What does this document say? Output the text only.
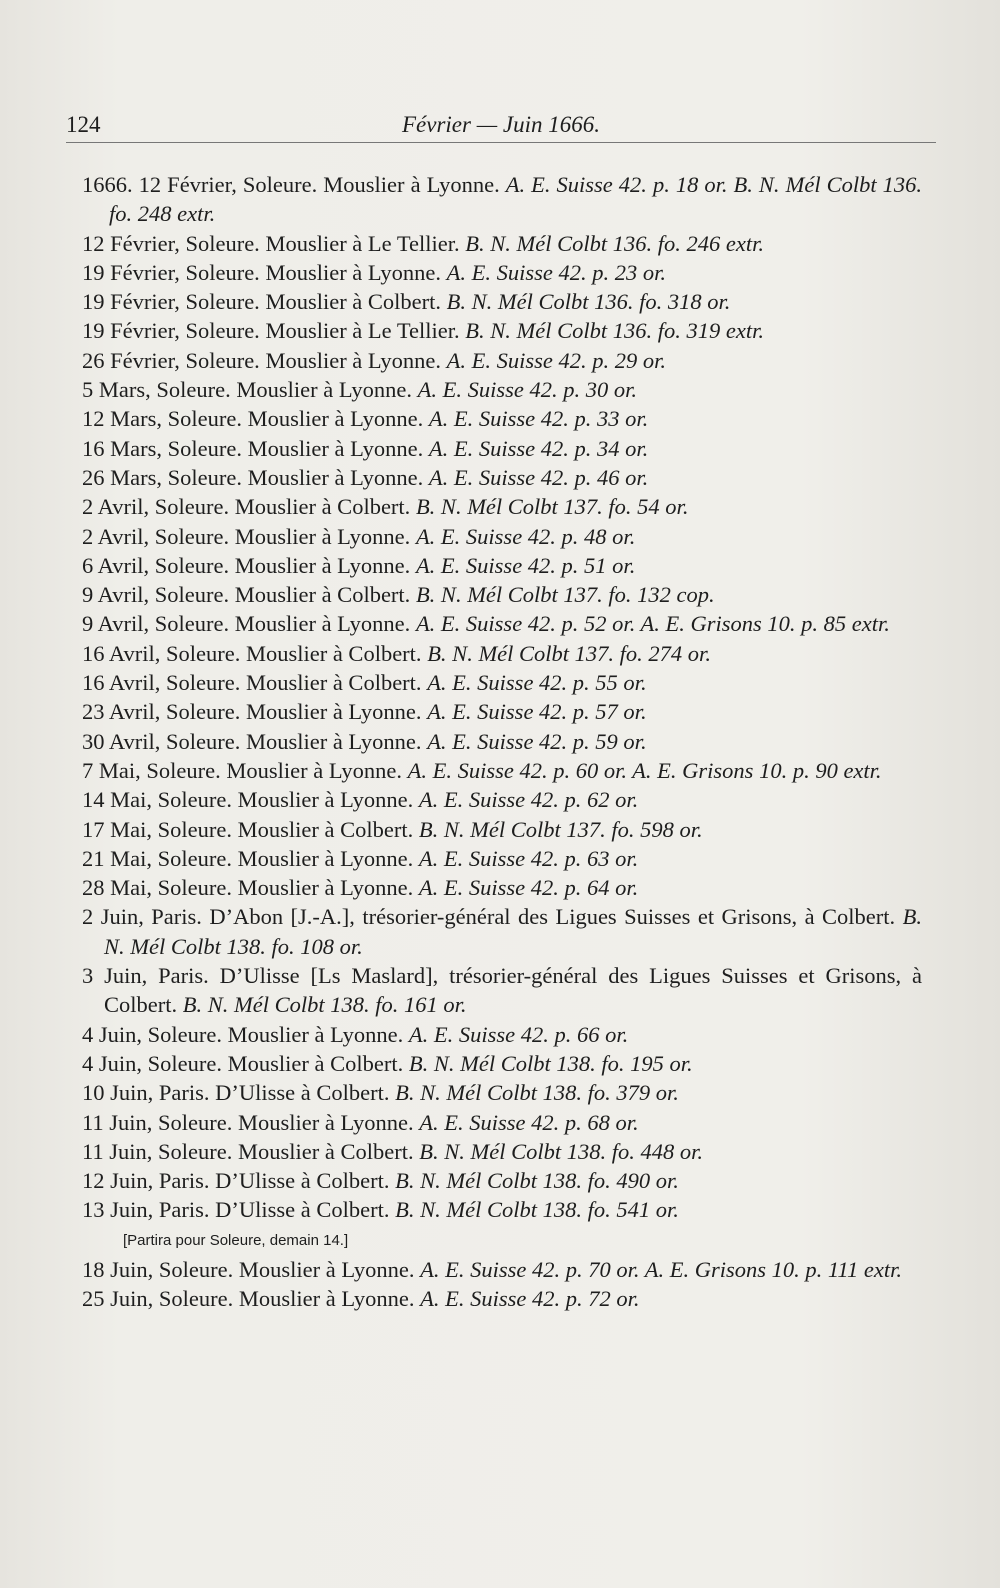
124	Février — Juin 1666.

1666. 12 Février, Soleure. Mouslier à Lyonne. A. E. Suisse 42. p. 18 or. B. N. Mél Colbt 136. fo. 248 extr.

12 Février, Soleure. Mouslier à Le Tellier. B. N. Mél Colbt 136. fo. 246 extr.

19 Février, Soleure. Mouslier à Lyonne. A. E. Suisse 42. p. 23 or.

19 Février, Soleure. Mouslier à Colbert. B. N. Mél Colbt 136. fo. 318 or.

19 Février, Soleure. Mouslier à Le Tellier. B. N. Mél Colbt 136. fo. 319 extr.

26 Février, Soleure. Mouslier à Lyonne. A. E. Suisse 42. p. 29 or.

5 Mars, Soleure. Mouslier à Lyonne. A. E. Suisse 42. p. 30 or.

12 Mars, Soleure. Mouslier à Lyonne. A. E. Suisse 42. p. 33 or.

16 Mars, Soleure. Mouslier à Lyonne. A. E. Suisse 42. p. 34 or.

26 Mars, Soleure. Mouslier à Lyonne. A. E. Suisse 42. p. 46 or.

2 Avril, Soleure. Mouslier à Colbert. B. N. Mél Colbt 137. fo. 54 or.

2 Avril, Soleure. Mouslier à Lyonne. A. E. Suisse 42. p. 48 or.

6 Avril, Soleure. Mouslier à Lyonne. A. E. Suisse 42. p. 51 or.

9 Avril, Soleure. Mouslier à Colbert. B. N. Mél Colbt 137. fo. 132 cop.

9 Avril, Soleure. Mouslier à Lyonne. A. E. Suisse 42. p. 52 or. A. E. Grisons 10. p. 85 extr.

16 Avril, Soleure. Mouslier à Colbert. B. N. Mél Colbt 137. fo. 274 or.

16 Avril, Soleure. Mouslier à Colbert. A. E. Suisse 42. p. 55 or.

23 Avril, Soleure. Mouslier à Lyonne. A. E. Suisse 42. p. 57 or.

30 Avril, Soleure. Mouslier à Lyonne. A. E. Suisse 42. p. 59 or.

7 Mai, Soleure. Mouslier à Lyonne. A. E. Suisse 42. p. 60 or. A. E. Grisons 10. p. 90 extr.

14 Mai, Soleure. Mouslier à Lyonne. A. E. Suisse 42. p. 62 or.

17 Mai, Soleure. Mouslier à Colbert. B. N. Mél Colbt 137. fo. 598 or.

21 Mai, Soleure. Mouslier à Lyonne. A. E. Suisse 42. p. 63 or.

28 Mai, Soleure. Mouslier à Lyonne. A. E. Suisse 42. p. 64 or.

2 Juin, Paris. D’Abon [J.-A.], trésorier-général des Ligues Suisses et Grisons, à Colbert. B. N. Mél Colbt 138. fo. 108 or.

3 Juin, Paris. D’Ulisse [Ls Maslard], trésorier-général des Ligues Suisses et Grisons, à Colbert. B. N. Mél Colbt 138. fo. 161 or.

4 Juin, Soleure. Mouslier à Lyonne. A. E. Suisse 42. p. 66 or.

4 Juin, Soleure. Mouslier à Colbert. B. N. Mél Colbt 138. fo. 195 or.

10 Juin, Paris. D’Ulisse à Colbert. B. N. Mél Colbt 138. fo. 379 or.

11 Juin, Soleure. Mouslier à Lyonne. A. E. Suisse 42. p. 68 or.

11 Juin, Soleure. Mouslier à Colbert. B. N. Mél Colbt 138. fo. 448 or.

12 Juin, Paris. D’Ulisse à Colbert. B. N. Mél Colbt 138. fo. 490 or.

13 Juin, Paris. D’Ulisse à Colbert. B. N. Mél Colbt 138. fo. 541 or.

[Partira pour Soleure, demain 14.]

18 Juin, Soleure. Mouslier à Lyonne. A. E. Suisse 42. p. 70 or. A. E. Grisons 10. p. 111 extr.

25 Juin, Soleure. Mouslier à Lyonne. A. E. Suisse 42. p. 72 or.
